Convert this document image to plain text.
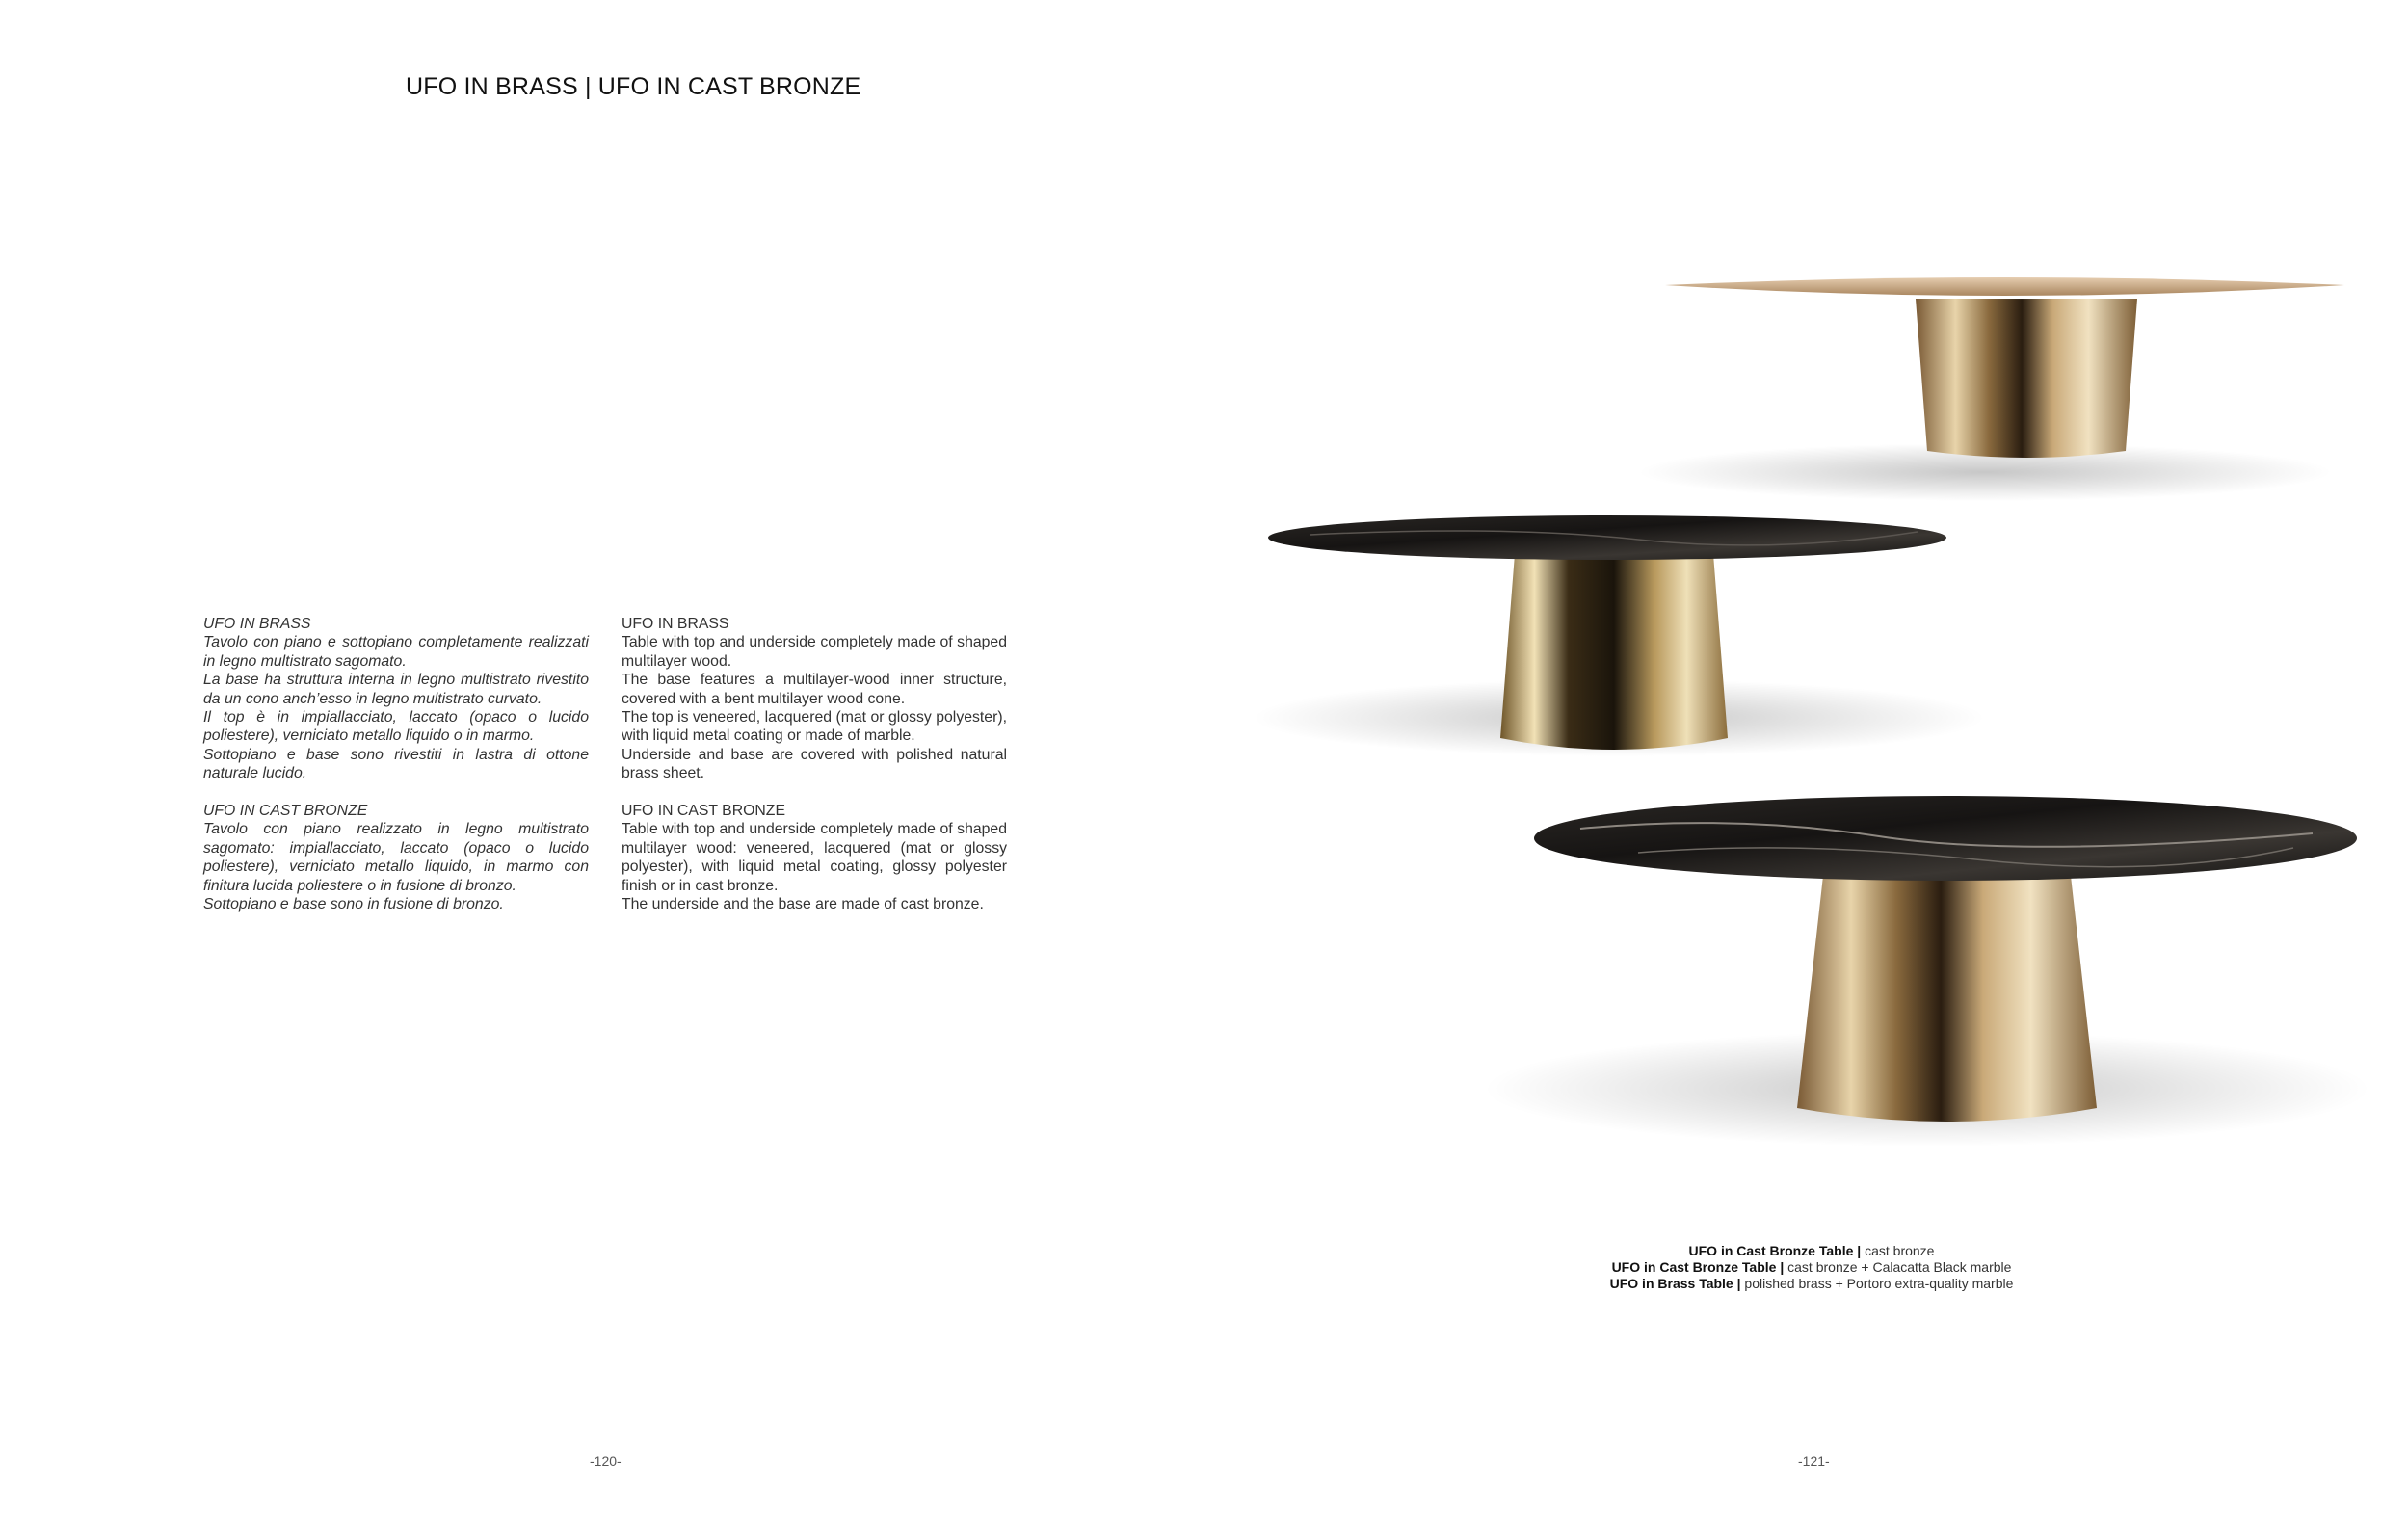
UFO IN BRASS | UFO IN CAST BRONZE

UFO IN BRASS

Tavolo con piano e sottopiano completamente realizzati in legno multistrato sagomato.

La base ha struttura interna in legno multistrato rivestito da un cono anch’esso in legno multistrato curvato.

Il top è in impiallacciato, laccato (opaco o lucido poliestere), verniciato metallo liquido o in marmo.

Sottopiano e base sono rivestiti in lastra di ottone naturale lucido.

UFO IN CAST BRONZE

Tavolo con piano realizzato in legno multistrato sagomato: impiallacciato, laccato (opaco o lucido poliestere), verniciato metallo liquido, in marmo con finitura lucida poliestere o in fusione di bronzo.

Sottopiano e base sono in fusione di bronzo.

UFO IN BRASS

Table with top and underside completely made of shaped multilayer wood.

The base features a multilayer-wood inner structure, covered with a bent multilayer wood cone.

The top is veneered, lacquered (mat or glossy polyester), with liquid metal coating or made of marble.

Underside and base are covered with polished natural brass sheet.

UFO IN CAST BRONZE

Table with top and underside completely made of shaped multilayer wood: veneered, lacquered (mat or glossy polyester), with liquid metal coating, glossy polyester finish or in cast bronze.

The underside and the base are made of cast bronze.

UFO in Cast Bronze Table | cast bronze
UFO in Cast Bronze Table | cast bronze + Calacatta Black marble
UFO in Brass Table | polished brass + Portoro extra-quality marble
-120-	-121-
